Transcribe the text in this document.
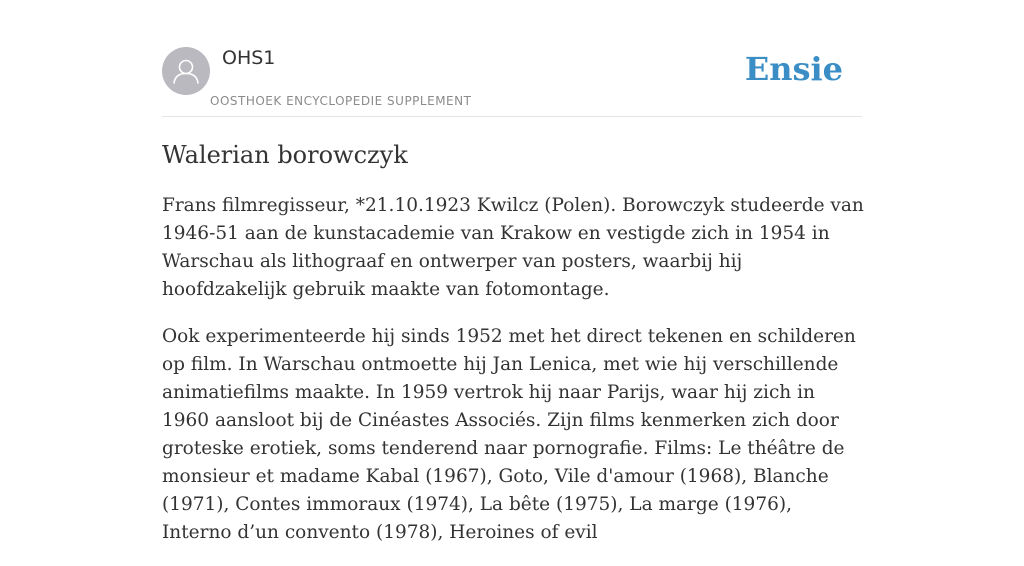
OHS1
OOSTHOEK ENCYCLOPEDIE SUPPLEMENT
Ensie
Walerian borowczyk

Frans filmregisseur, *21.10.1923 Kwilcz (Polen). Borowczyk studeerde van 1946-51 aan de kunstacademie van Krakow en vestigde zich in 1954 in Warschau als lithograaf en ontwerper van posters, waarbij hij hoofdzakelijk gebruik maakte van fotomontage.

Ook experimenteerde hij sinds 1952 met het direct tekenen en schilderen op film. In Warschau ontmoette hij Jan Lenica, met wie hij verschillende animatiefilms maakte. In 1959 vertrok hij naar Parijs, waar hij zich in 1960 aansloot bij de Cinéastes Associés. Zijn films kenmerken zich door groteske erotiek, soms tenderend naar pornografie. Films: Le théâtre de monsieur et madame Kabal (1967), Goto, Vile d'amour (1968), Blanche (1971), Contes immoraux (1974), La bête (1975), La marge (1976), Interno d’un convento (1978), Heroines of evil
